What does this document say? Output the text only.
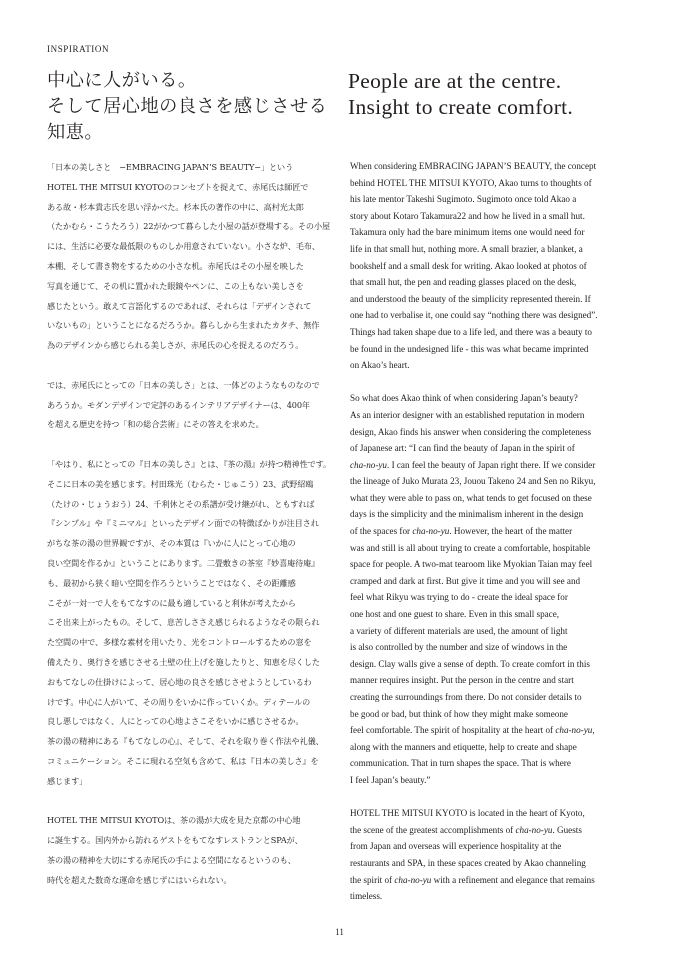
INSPIRATION
中心に人がいる。
そして居心地の良さを感じさせる知恵。
People are at the centre.
Insight to create comfort.

「日本の美しさと　−EMBRACING JAPAN’S BEAUTY−」という
HOTEL THE MITSUI KYOTOのコンセプトを捉えて、赤尾氏は師匠で
ある故・杉本貴志氏を思い浮かべた。杉本氏の著作の中に、高村光太郎
（たかむら・こうたろう）22がかつて暮らした小屋の話が登場する。その小屋
には、生活に必要な最低限のものしか用意されていない。小さな炉、毛布、
本棚、そして書き物をするための小さな机。赤尾氏はその小屋を映した
写真を通じて、その机に置かれた眼鏡やペンに、この上もない美しさを
感じたという。敢えて言語化するのであれば、それらは「デザインされて
いないもの」ということになるだろうか。暮らしから生まれたカタチ、無作
為のデザインから感じられる美しさが、赤尾氏の心を捉えるのだろう。

では、赤尾氏にとっての「日本の美しさ」とは、一体どのようなものなので
あろうか。モダンデザインで定評のあるインテリアデザイナーは、400年
を超える歴史を持つ「和の総合芸術」にその答えを求めた。

「やはり、私にとっての『日本の美しさ』とは、『茶の湯』が持つ精神性です。
そこに日本の美を感じます。村田珠光（むらた・じゅこう）23、武野紹鴎
（たけの・じょうおう）24、千利休とその系譜が受け継がれ、ともすれば
『シンプル』や『ミニマル』といったデザイン面での特徴ばかりが注目され
がちな茶の湯の世界観ですが、その本質は『いかに人にとって心地の
良い空間を作るか』ということにあります。二畳敷きの茶室『妙喜庵待庵』
も、最初から狭く暗い空間を作ろうということではなく、その距離感
こそが一対一で人をもてなすのに最も適していると利休が考えたから
こそ出来上がったもの。そして、息苦しささえ感じられるようなその限られ
た空間の中で、多様な素材を用いたり、光をコントロールするための窓を
備えたり、奥行きを感じさせる土壁の仕上げを施したりと、知恵を尽くした
おもてなしの仕掛けによって、居心地の良さを感じさせようとしているわ
けです。中心に人がいて、その周りをいかに作っていくか。ディテールの
良し悪しではなく、人にとっての心地よさこそをいかに感じさせるか。
茶の湯の精神にある『もてなしの心』、そして、それを取り巻く作法や礼儀、
コミュニケーション。そこに現れる空気も含めて、私は『日本の美しさ』を
感じます」

HOTEL THE MITSUI KYOTOは、茶の湯が大成を見た京都の中心地
に誕生する。国内外から訪れるゲストをもてなすレストランとSPAが、
茶の湯の精神を大切にする赤尾氏の手による空間になるというのも、
時代を超えた数奇な運命を感じずにはいられない。

When considering EMBRACING JAPAN’S BEAUTY, the concept
behind HOTEL THE MITSUI KYOTO, Akao turns to thoughts of
his late mentor Takeshi Sugimoto. Sugimoto once told Akao a
story about Kotaro Takamura22 and how he lived in a small hut.
Takamura only had the bare minimum items one would need for
life in that small hut, nothing more. A small brazier, a blanket, a
bookshelf and a small desk for writing. Akao looked at photos of
that small hut, the pen and reading glasses placed on the desk,
and understood the beauty of the simplicity represented therein. If
one had to verbalise it, one could say “nothing there was designed”.
Things had taken shape due to a life led, and there was a beauty to
be found in the undesigned life - this was what became imprinted
on Akao’s heart.

So what does Akao think of when considering Japan’s beauty?
As an interior designer with an established reputation in modern
design, Akao finds his answer when considering the completeness
of Japanese art: “I can find the beauty of Japan in the spirit of
cha-no-yu. I can feel the beauty of Japan right there. If we consider
the lineage of Juko Murata 23, Jouou Takeno 24 and Sen no Rikyu,
what they were able to pass on, what tends to get focused on these
days is the simplicity and the minimalism inherent in the design
of the spaces for cha-no-yu. However, the heart of the matter
was and still is all about trying to create a comfortable, hospitable
space for people. A two-mat tearoom like Myokian Taian may feel
cramped and dark at first. But give it time and you will see and
feel what Rikyu was trying to do - create the ideal space for
one host and one guest to share. Even in this small space,
a variety of different materials are used, the amount of light
is also controlled by the number and size of windows in the
design. Clay walls give a sense of depth. To create comfort in this
manner requires insight. Put the person in the centre and start
creating the surroundings from there. Do not consider details to
be good or bad, but think of how they might make someone
feel comfortable. The spirit of hospitality at the heart of cha-no-yu,
along with the manners and etiquette, help to create and shape
communication. That in turn shapes the space. That is where
I feel Japan’s beauty.”

HOTEL THE MITSUI KYOTO is located in the heart of Kyoto,
the scene of the greatest accomplishments of cha-no-yu. Guests
from Japan and overseas will experience hospitality at the
restaurants and SPA, in these spaces created by Akao channeling
the spirit of cha-no-yu with a refinement and elegance that remains
timeless.

11
